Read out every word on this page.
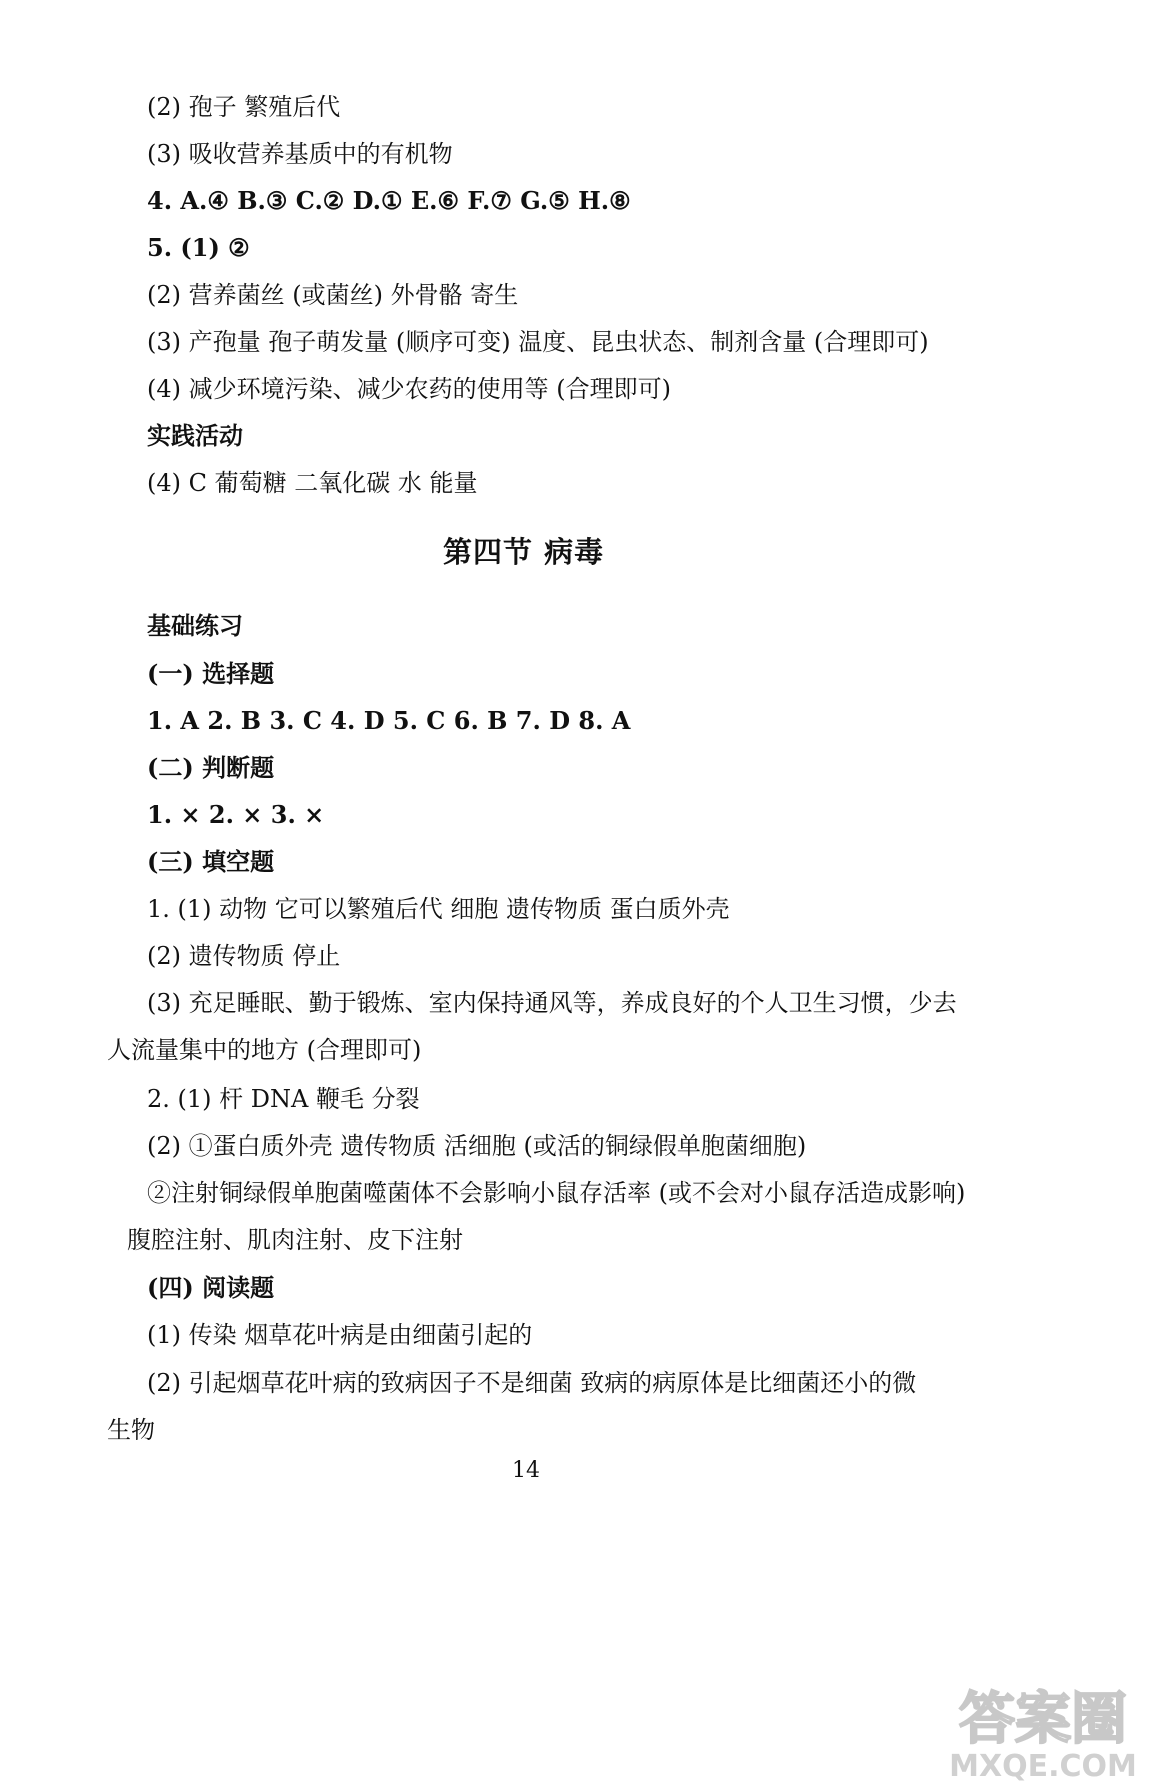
(2) 孢子 繁殖后代
(3) 吸收营养基质中的有机物
4. A.④ B.③ C.② D.① E.⑥ F.⑦ G.⑤ H.⑧
5. (1) ②
(2) 营养菌丝 (或菌丝) 外骨骼 寄生
(3) 产孢量 孢子萌发量 (顺序可变) 温度、昆虫状态、制剂含量 (合理即可)
(4) 减少环境污染、减少农药的使用等 (合理即可)
实践活动
(4) C 葡萄糖 二氧化碳 水 能量
第四节 病毒
基础练习
(一) 选择题
1. A 2. B 3. C 4. D 5. C 6. B 7. D 8. A
(二) 判断题
1. × 2. × 3. ×
(三) 填空题
1. (1) 动物 它可以繁殖后代 细胞 遗传物质 蛋白质外壳
(2) 遗传物质 停止
(3) 充足睡眠、勤于锻炼、室内保持通风等，养成良好的个人卫生习惯，少去
人流量集中的地方 (合理即可)
2. (1) 杆 DNA 鞭毛 分裂
(2) ①蛋白质外壳 遗传物质 活细胞 (或活的铜绿假单胞菌细胞)
②注射铜绿假单胞菌噬菌体不会影响小鼠存活率 (或不会对小鼠存活造成影响)
腹腔注射、肌肉注射、皮下注射
(四) 阅读题
(1) 传染 烟草花叶病是由细菌引起的
(2) 引起烟草花叶病的致病因子不是细菌 致病的病原体是比细菌还小的微
生物
14
答案圈
MXQE.COM
